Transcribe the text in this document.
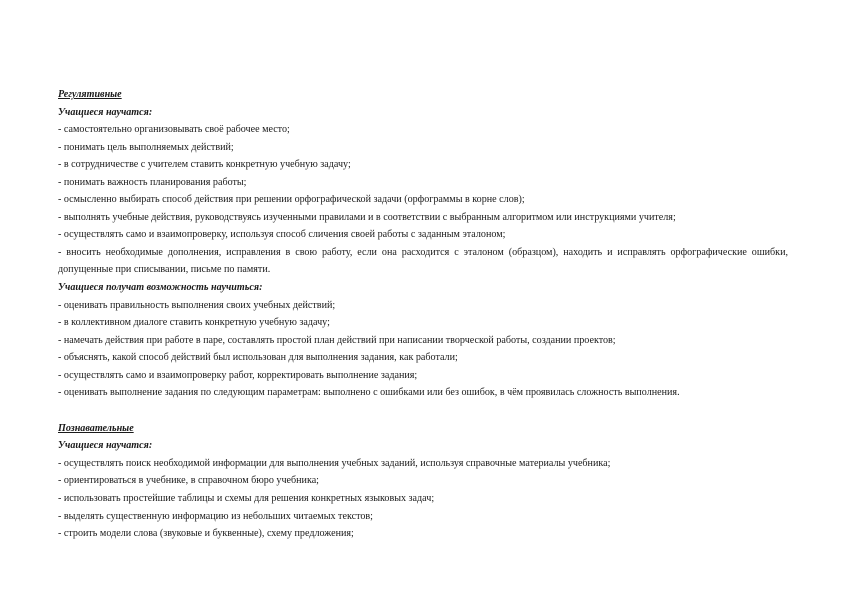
Регулятивные
Учащиеся научатся:
- самостоятельно организовывать своё рабочее место;
- понимать цель выполняемых действий;
- в сотрудничестве с учителем ставить конкретную учебную задачу;
- понимать важность планирования работы;
- осмысленно выбирать способ действия при решении орфографической задачи (орфограммы в корне слов);
- выполнять учебные действия, руководствуясь изученными правилами и в соответствии с выбранным алгоритмом или инструкциями учителя;
- осуществлять само и взаимопроверку, используя способ сличения своей работы с заданным эталоном;
- вносить необходимые дополнения, исправления в свою работу, если она расходится с эталоном (образцом), находить и исправлять орфографические ошибки, допущенные при списывании, письме по памяти.
Учащиеся получат возможность научиться:
- оценивать правильность выполнения своих учебных действий;
- в коллективном диалоге ставить конкретную учебную задачу;
- намечать действия при работе в паре, составлять простой план действий при написании творческой работы, создании проектов;
- объяснять, какой способ действий был использован для выполнения задания, как работали;
- осуществлять само и взаимопроверку работ, корректировать выполнение задания;
- оценивать выполнение задания по следующим параметрам: выполнено с ошибками или без ошибок, в чём проявилась сложность выполнения.
Познавательные
Учащиеся научатся:
- осуществлять поиск необходимой информации для выполнения учебных заданий, используя справочные материалы учебника;
- ориентироваться в учебнике, в справочном бюро учебника;
- использовать простейшие таблицы и схемы для решения конкретных языковых задач;
- выделять существенную информацию из небольших читаемых текстов;
- строить модели слова (звуковые и буквенные), схему предложения;
